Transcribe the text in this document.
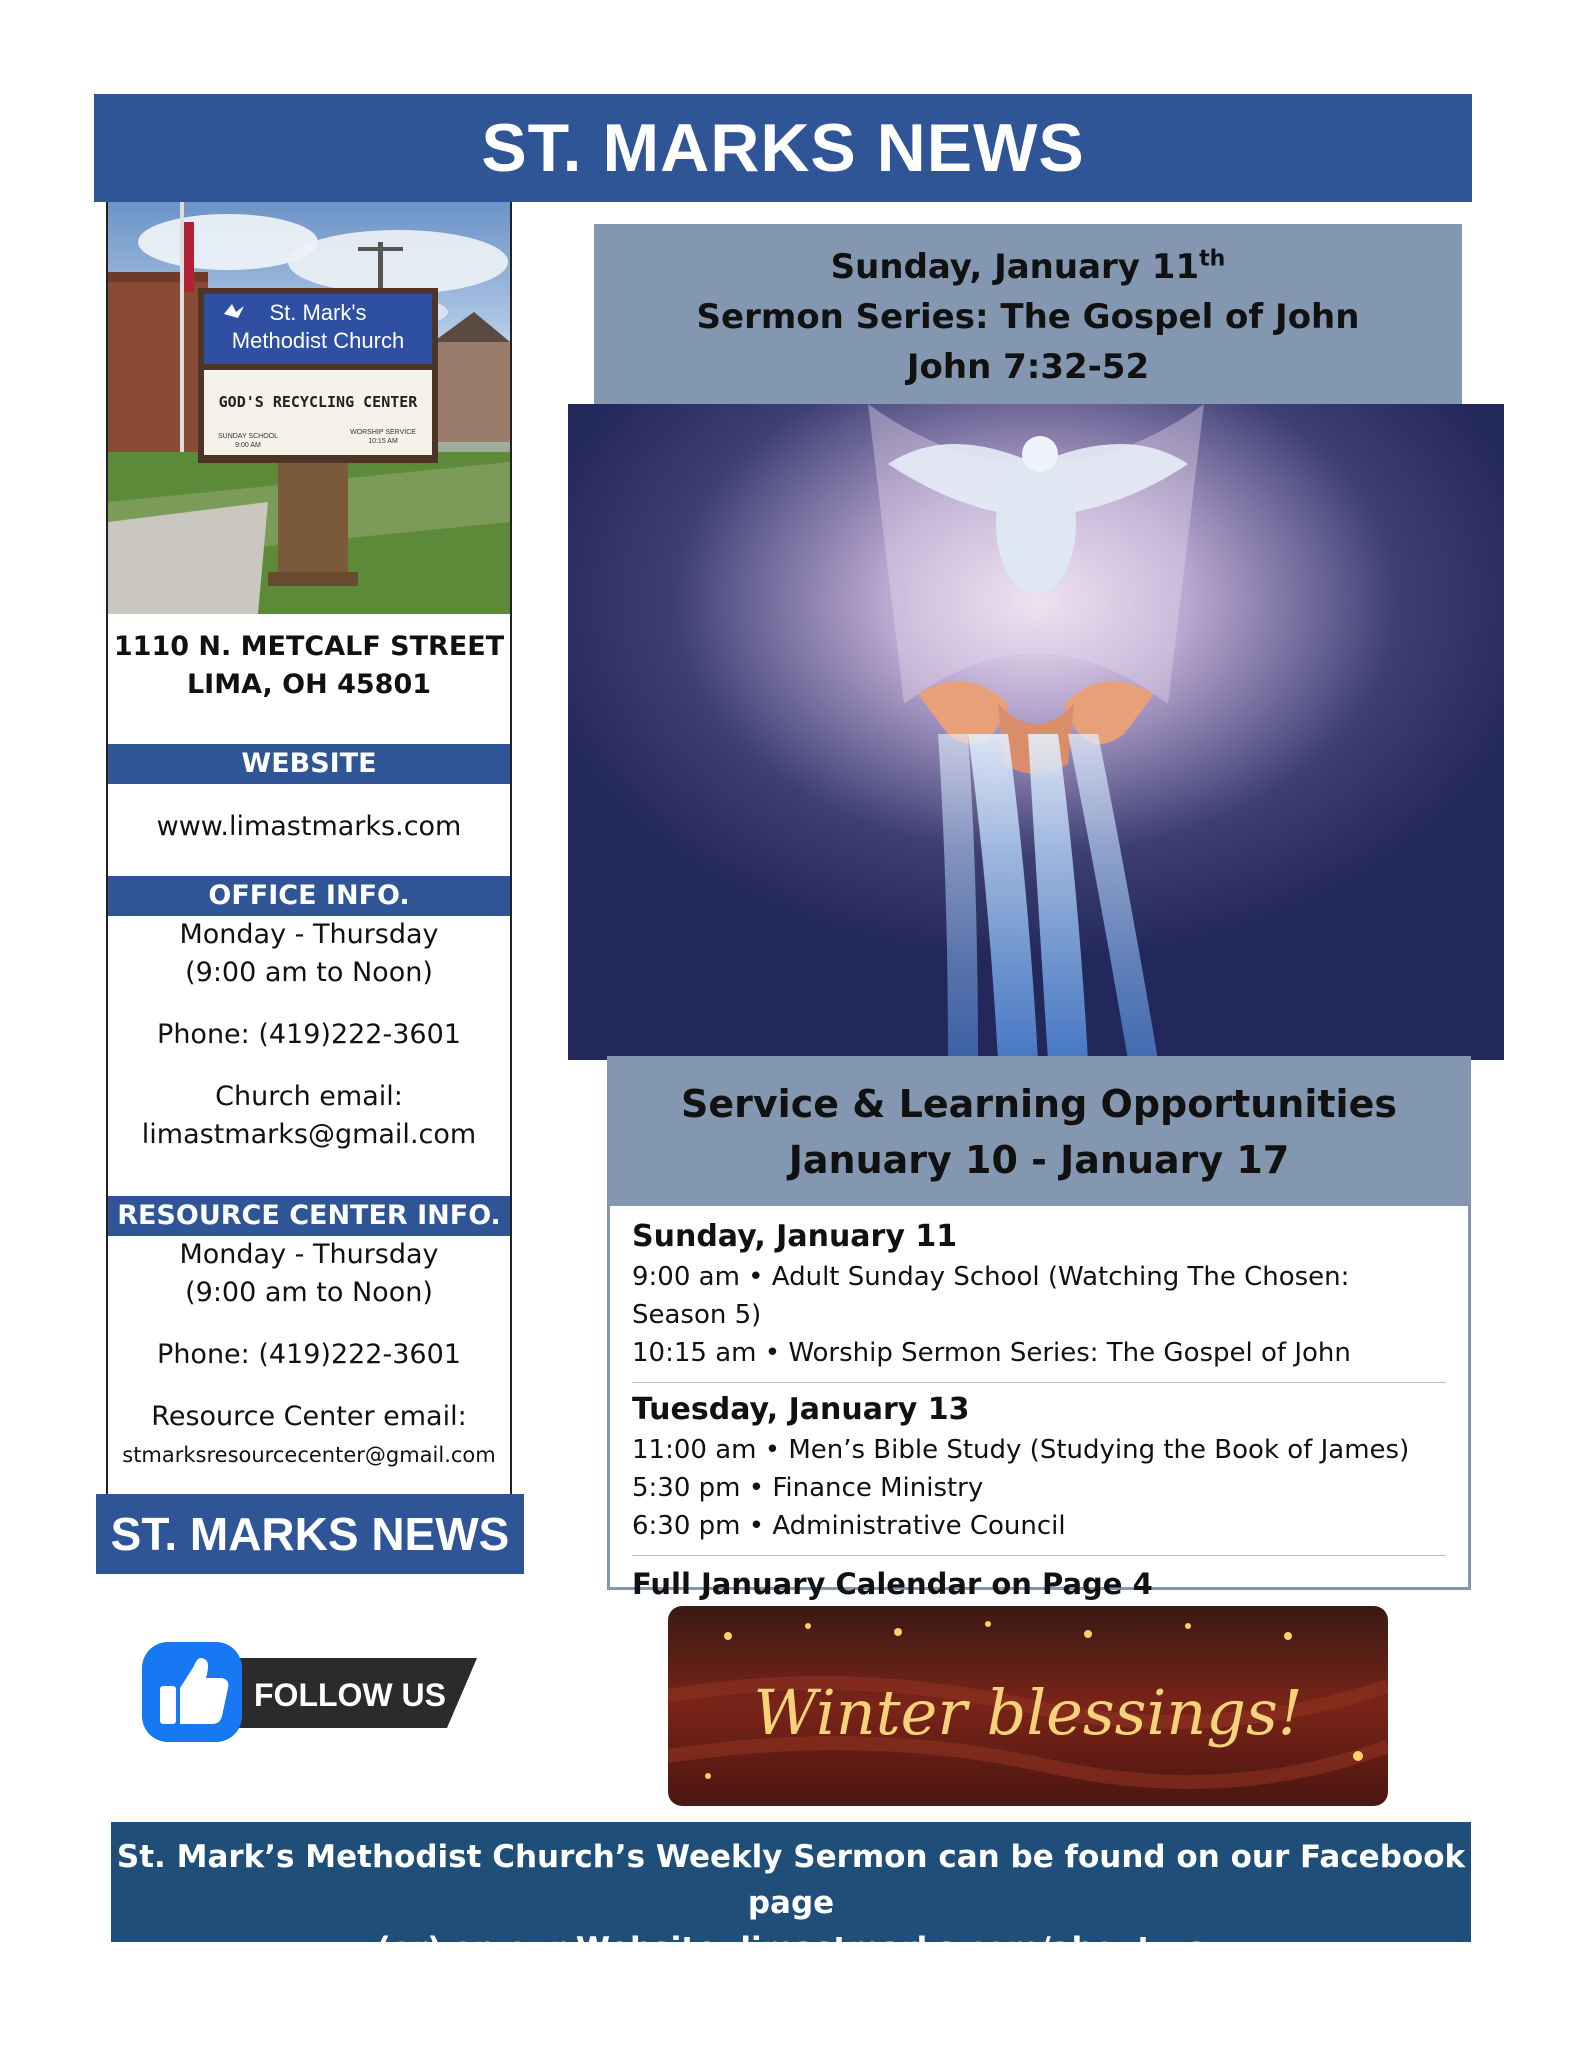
ST. MARKS NEWS
St. Mark's
Methodist Church
GOD'S RECYCLING CENTER
SUNDAY SCHOOL
9:00 AM
WORSHIP SERVICE
10:15 AM
1110 N. METCALF STREET
LIMA, OH 45801
WEBSITE
www.limastmarks.com
OFFICE INFO.
Monday - Thursday
(9:00 am to Noon)
Phone: (419)222-3601
Church email:
limastmarks@gmail.com
RESOURCE CENTER INFO.
Monday - Thursday
(9:00 am to Noon)
Phone: (419)222-3601
Resource Center email:
stmarksresourcecenter@gmail.com
ST. MARKS NEWS
FOLLOW US
Sunday, January 11th
Sermon Series: The Gospel of John
John 7:32-52
Service & Learning Opportunities
January 10 - January 17
Sunday, January 11
9:00 am • Adult Sunday School (Watching The Chosen: Season 5)
10:15 am • Worship Sermon Series: The Gospel of John
Tuesday, January 13
11:00 am • Men’s Bible Study (Studying the Book of James)
5:30 pm • Finance Ministry
6:30 pm • Administrative Council
Full January Calendar on Page 4
Winter blessings!
St. Mark’s Methodist Church’s Weekly Sermon can be found on our Facebook page
(or) on our Website: limastmarks.com/about-us
